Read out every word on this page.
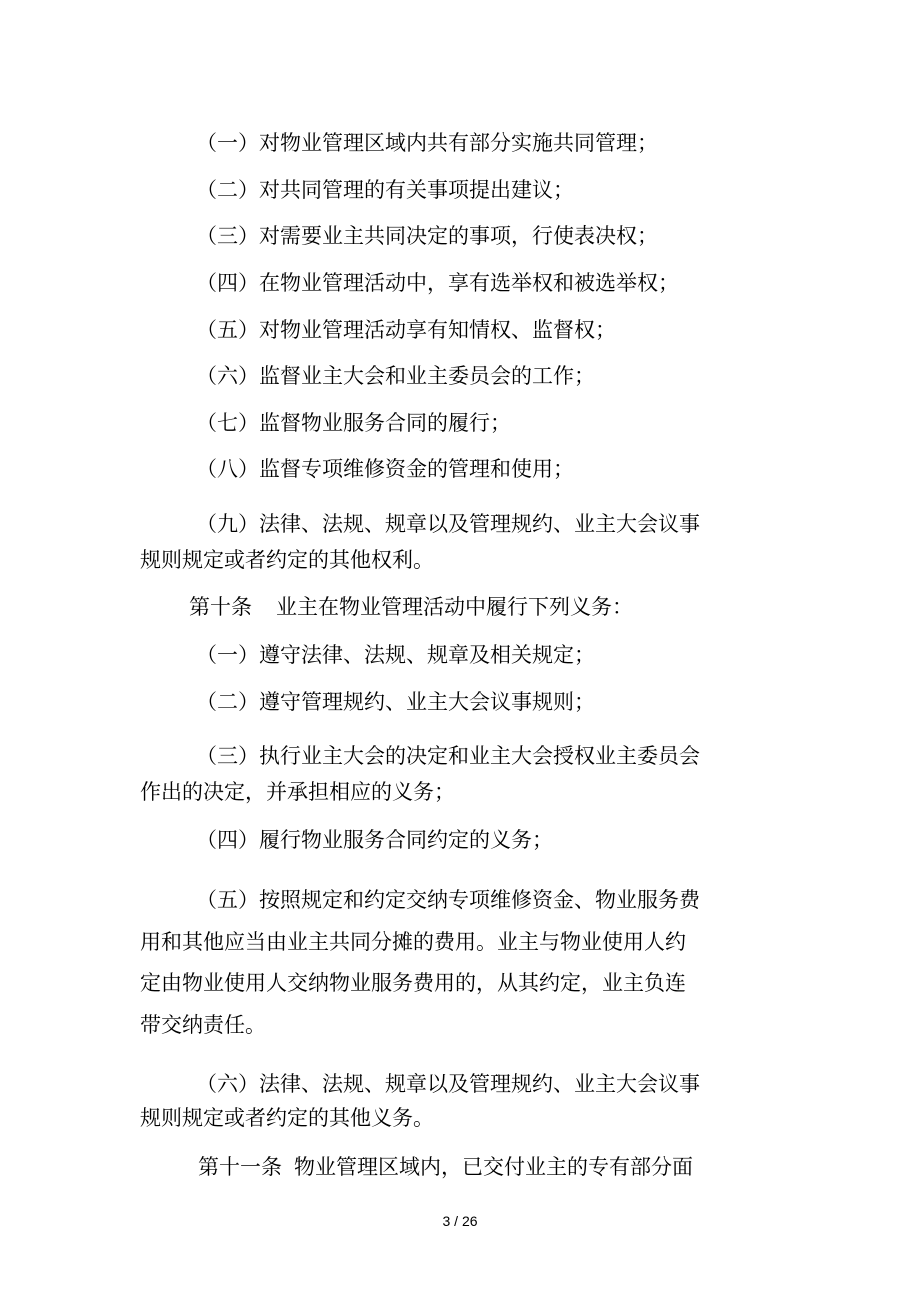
（一）对物业管理区域内共有部分实施共同管理；
（二）对共同管理的有关事项提出建议；
（三）对需要业主共同决定的事项，行使表决权；
（四）在物业管理活动中，享有选举权和被选举权；
（五）对物业管理活动享有知情权、监督权；
（六）监督业主大会和业主委员会的工作；
（七）监督物业服务合同的履行；
（八）监督专项维修资金的管理和使用；
（九）法律、法规、规章以及管理规约、业主大会议事
规则规定或者约定的其他权利。
第十条 业主在物业管理活动中履行下列义务：
（一）遵守法律、法规、规章及相关规定；
（二）遵守管理规约、业主大会议事规则；
（三）执行业主大会的决定和业主大会授权业主委员会
作出的决定，并承担相应的义务；
（四）履行物业服务合同约定的义务；
（五）按照规定和约定交纳专项维修资金、物业服务费
用和其他应当由业主共同分摊的费用。业主与物业使用人约
定由物业使用人交纳物业服务费用的，从其约定，业主负连
带交纳责任。
（六）法律、法规、规章以及管理规约、业主大会议事
规则规定或者约定的其他义务。
第十一条 物业管理区域内，已交付业主的专有部分面
3 / 26
